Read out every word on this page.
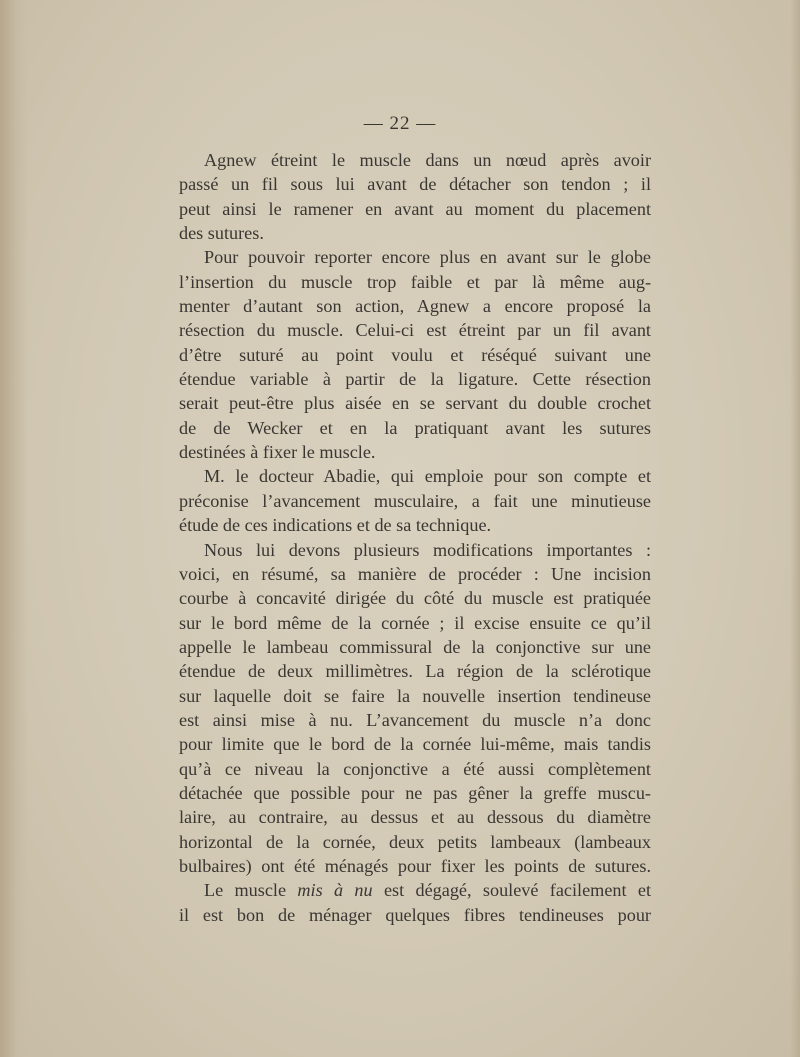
— 22 —
Agnew étreint le muscle dans un nœud après avoir
passé un fil sous lui avant de détacher son tendon ; il
peut ainsi le ramener en avant au moment du placement
des sutures.
Pour pouvoir reporter encore plus en avant sur le globe
l’insertion du muscle trop faible et par là même aug-
menter d’autant son action, Agnew a encore proposé la
résection du muscle. Celui-ci est étreint par un fil avant
d’être suturé au point voulu et réséqué suivant une
étendue variable à partir de la ligature. Cette résection
serait peut-être plus aisée en se servant du double crochet
de de Wecker et en la pratiquant avant les sutures
destinées à fixer le muscle.
M. le docteur Abadie, qui emploie pour son compte et
préconise l’avancement musculaire, a fait une minutieuse
étude de ces indications et de sa technique.
Nous lui devons plusieurs modifications importantes :
voici, en résumé, sa manière de procéder : Une incision
courbe à concavité dirigée du côté du muscle est pratiquée
sur le bord même de la cornée ; il excise ensuite ce qu’il
appelle le lambeau commissural de la conjonctive sur une
étendue de deux millimètres. La région de la sclérotique
sur laquelle doit se faire la nouvelle insertion tendineuse
est ainsi mise à nu. L’avancement du muscle n’a donc
pour limite que le bord de la cornée lui-même, mais tandis
qu’à ce niveau la conjonctive a été aussi complètement
détachée que possible pour ne pas gêner la greffe muscu-
laire, au contraire, au dessus et au dessous du diamètre
horizontal de la cornée, deux petits lambeaux (lambeaux
bulbaires) ont été ménagés pour fixer les points de sutures.
Le muscle mis à nu est dégagé, soulevé facilement et
il est bon de ménager quelques fibres tendineuses pour
